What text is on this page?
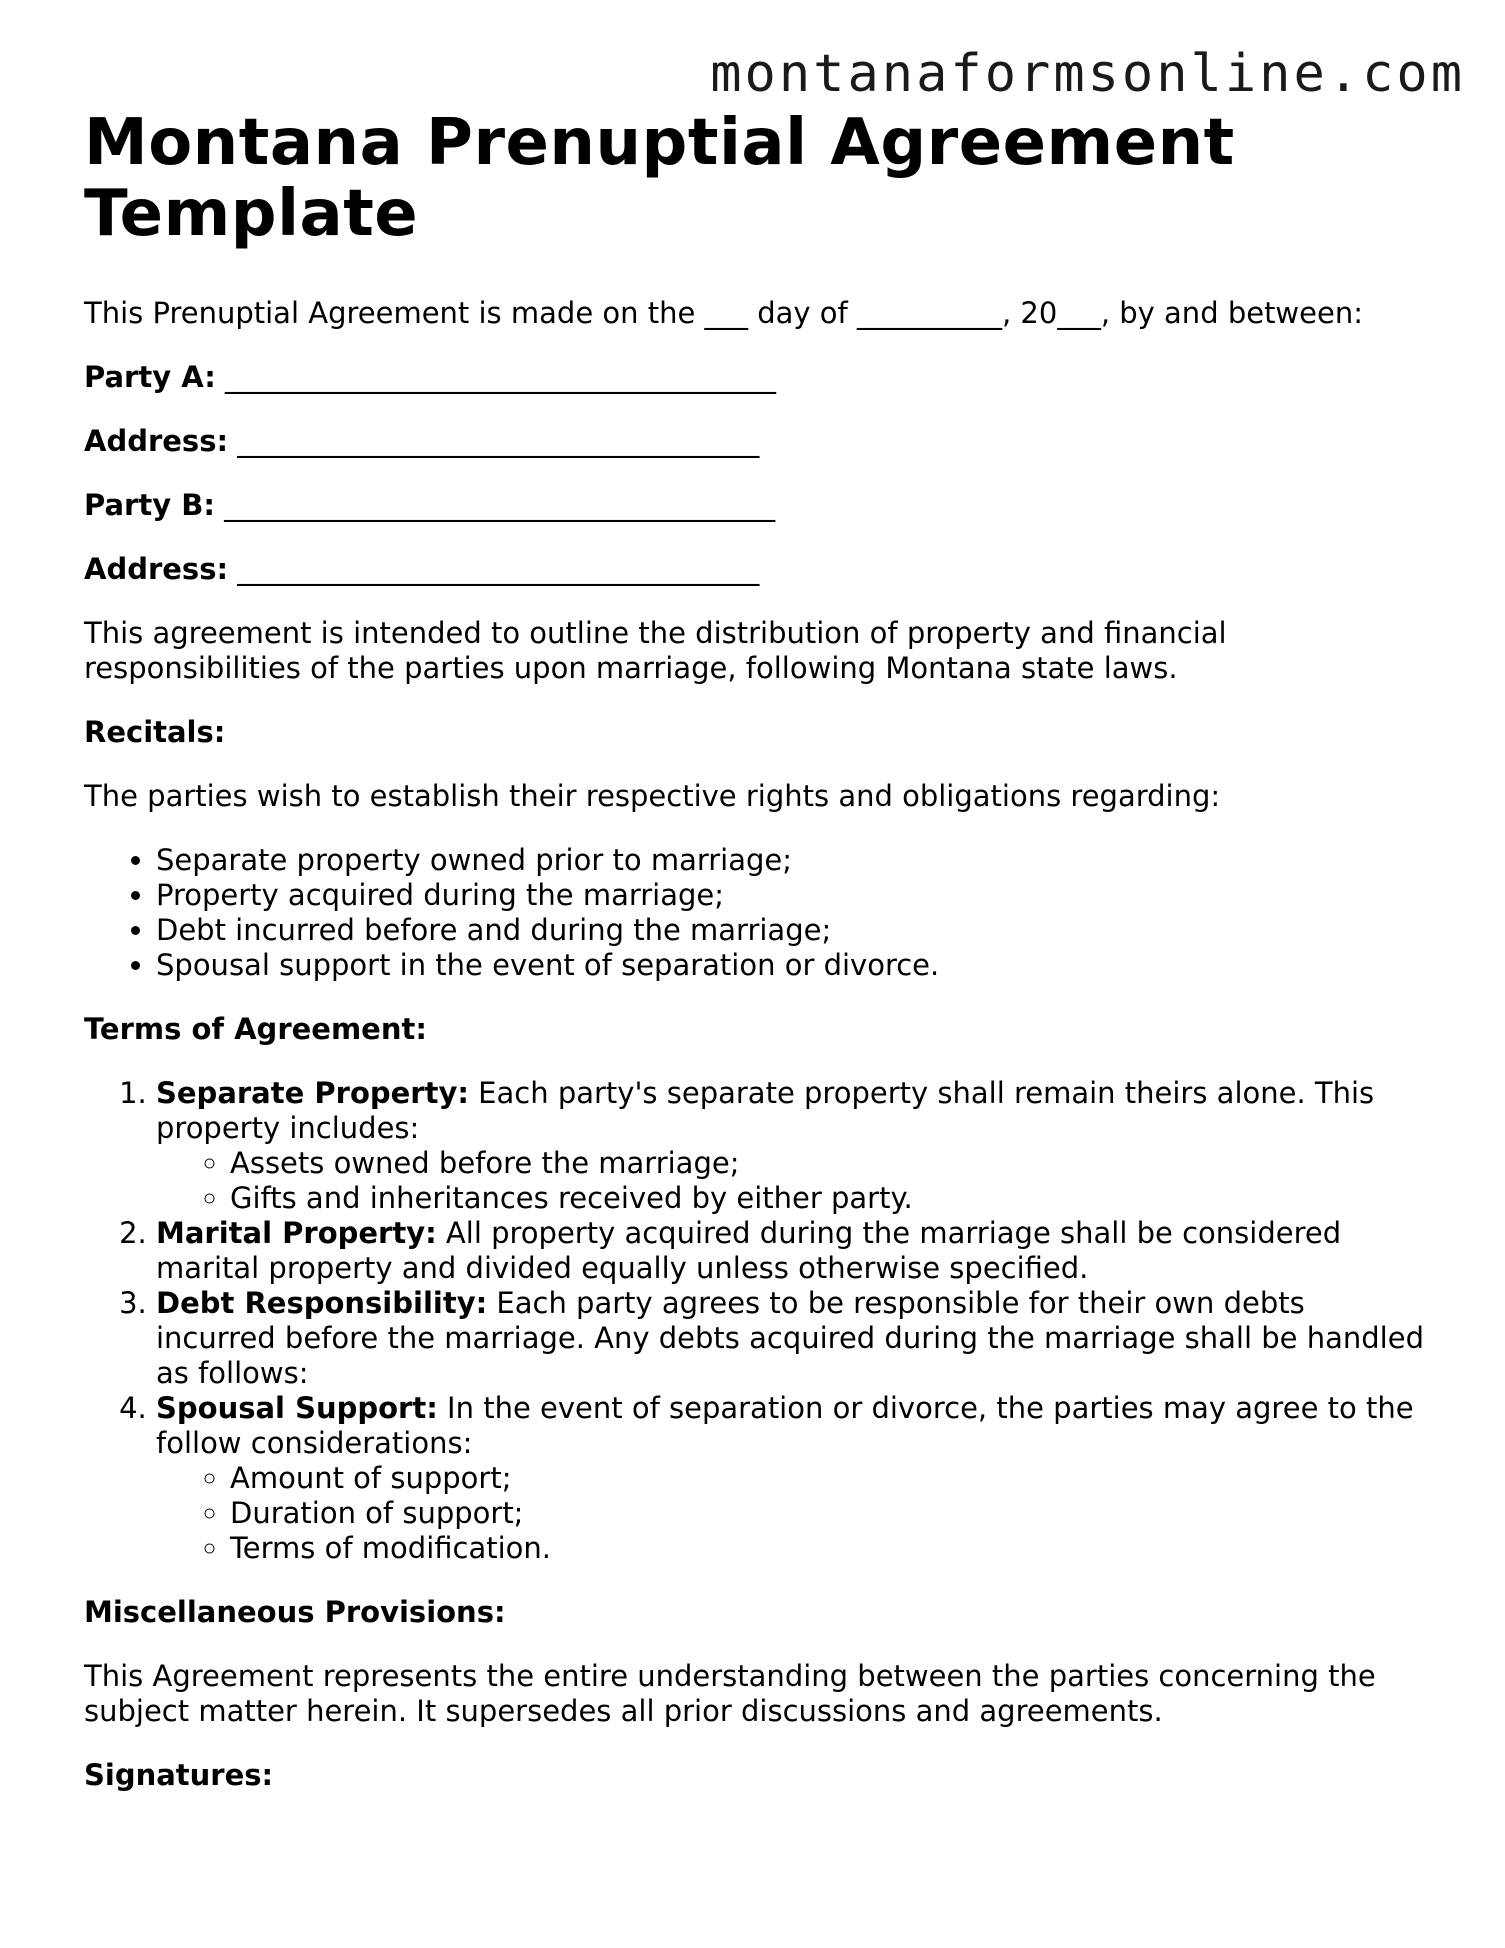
montanaformsonline.com
Montana Prenuptial Agreement Template

This Prenuptial Agreement is made on the ___ day of __________, 20___, by and between:

Party A: ______________________________________

Address: ____________________________________

Party B: ______________________________________

Address: ____________________________________

This agreement is intended to outline the distribution of property and financial responsibilities of the parties upon marriage, following Montana state laws.

Recitals:

The parties wish to establish their respective rights and obligations regarding:

• Separate property owned prior to marriage;
• Property acquired during the marriage;
• Debt incurred before and during the marriage;
• Spousal support in the event of separation or divorce.

Terms of Agreement:

1. Separate Property: Each party's separate property shall remain theirs alone. This property includes:
◦ Assets owned before the marriage;
◦ Gifts and inheritances received by either party.
2. Marital Property: All property acquired during the marriage shall be considered marital property and divided equally unless otherwise specified.
3. Debt Responsibility: Each party agrees to be responsible for their own debts incurred before the marriage. Any debts acquired during the marriage shall be handled as follows:
4. Spousal Support: In the event of separation or divorce, the parties may agree to the follow considerations:
◦ Amount of support;
◦ Duration of support;
◦ Terms of modification.

Miscellaneous Provisions:

This Agreement represents the entire understanding between the parties concerning the subject matter herein. It supersedes all prior discussions and agreements.

Signatures:
